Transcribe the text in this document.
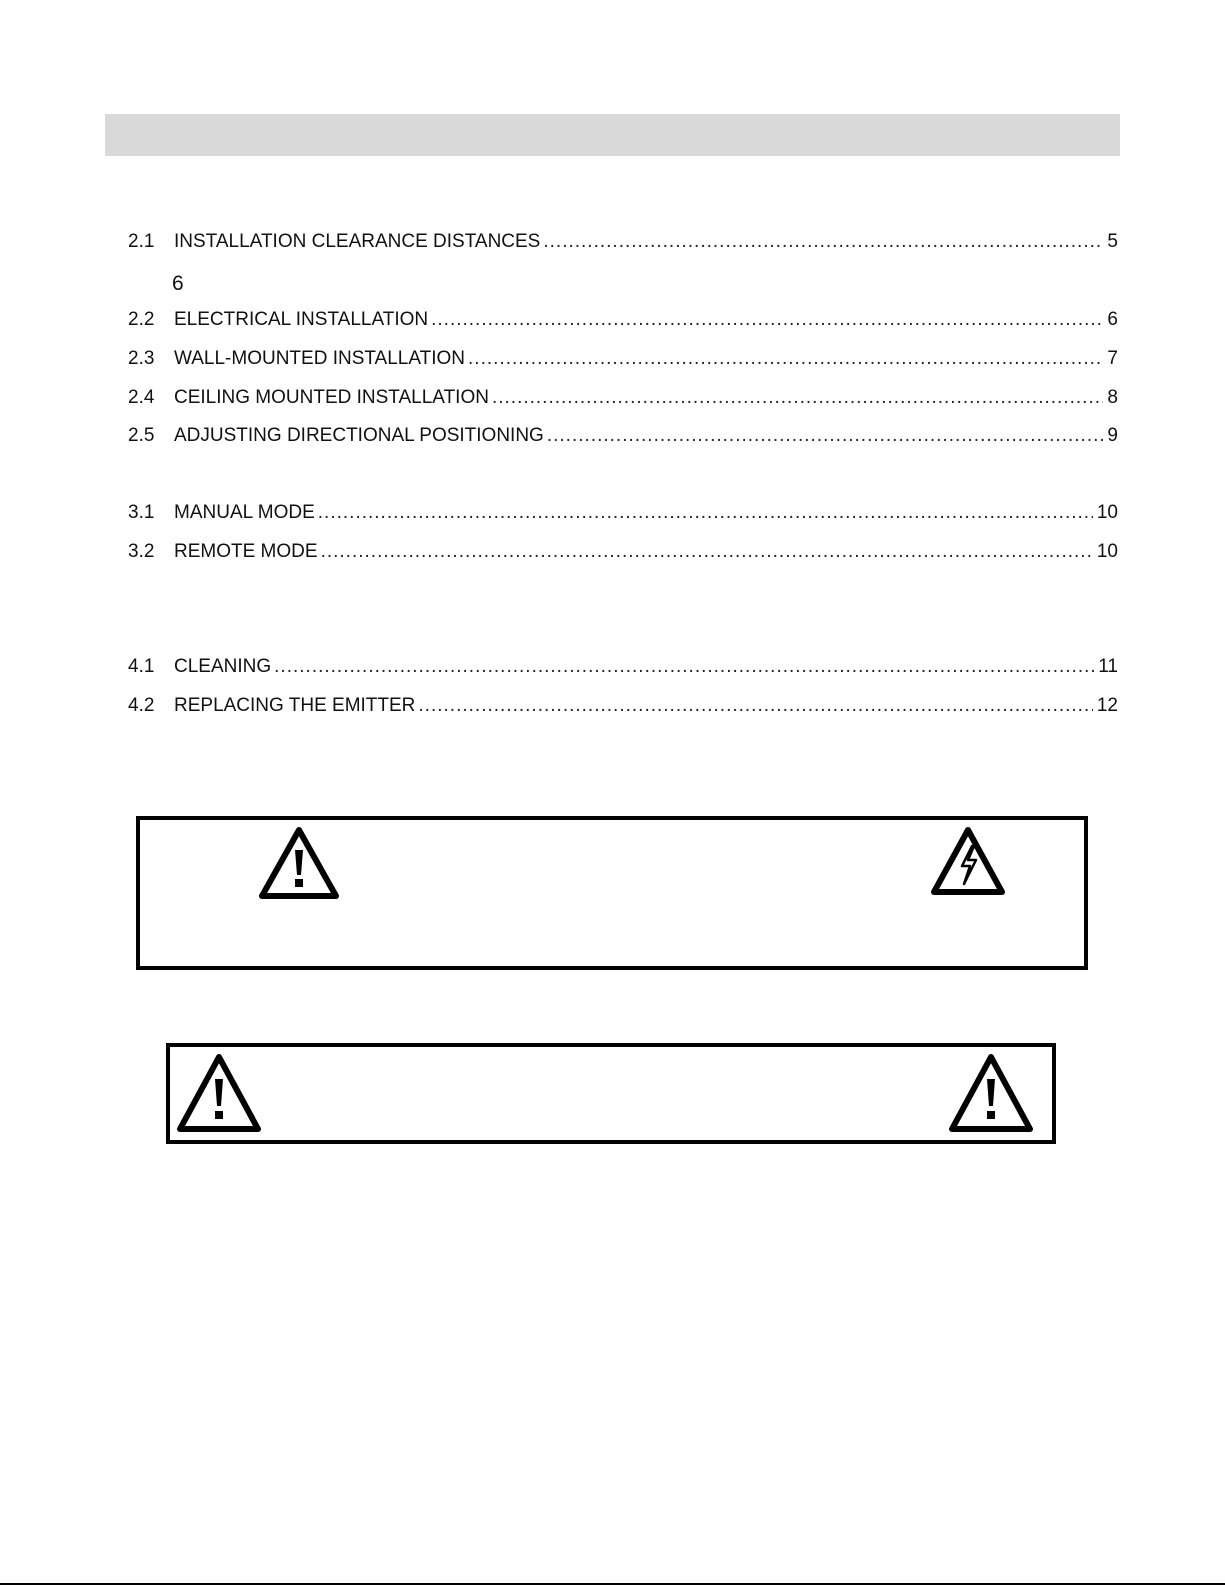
2.1	INSTALLATION CLEARANCE DISTANCES .....	5
6
2.2	ELECTRICAL INSTALLATION .....	6
2.3	WALL-MOUNTED INSTALLATION .....	7
2.4	CEILING MOUNTED INSTALLATION .....	8
2.5	ADJUSTING DIRECTIONAL POSITIONING .....	9
3.1	MANUAL MODE .....	10
3.2	REMOTE MODE .....	10
4.1	CLEANING .....	11
4.2	REPLACING THE EMITTER .....	12
